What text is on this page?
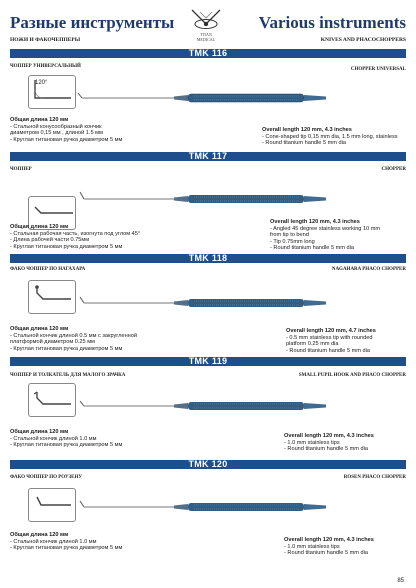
Разные инструменты
TITAN
MEDICAL
Various instruments
НОЖИ И ФАКОЧЕППЕРЫ	KNIVES AND PHACOCHOPPERS
TMK 116
ЧОППЕР УНИВЕРСАЛЬНЫЙ
CHOPPER UNIVERSAL
120°
Общая длина 120 мм
- Стальной конусообразный кончик
диаметром 0,15 мм , длиной 1.5 мм
- Круглая титановая ручка диаметром 5 мм
Overall length 120 mm, 4.3 inches
- Cone-shaped tip 0,15 mm dia, 1.5 mm long, stainless
- Round titanium handle 5 mm dia
TMK 117
ЧОППЕР	CHOPPER
Общая длина 120 мм
- Стальная рабочая часть, изогнута под углом 45°
- Длина рабочей части 0.75мм
- Круглая титановая ручка диаметром 5 мм
Overall length 120 mm, 4.3 inches
- Angled 45 degree stainless working 10 mm
from tip to bend
- Tip 0.75mm long
- Round titanium handle 5 mm dia
TMK 118
ФАКО ЧОППЕР ПО НАГАХАРА	NAGAHARA PHACO CHOPPER
Общая длина 120 мм
- Стальной кончик длиной 0.5 мм с закругленной
платформой диаметром 0.25 мм
- Круглая титановая ручка диаметром 5 мм
Overall length 120 mm, 4.7 inches
- 0.5 mm stainless tip with rounded
platform 0.25 mm dia
- Round titanium handle 5 mm dia
TMK 119
ЧОППЕР И ТОЛКАТЕЛЬ ДЛЯ МАЛОГО ЗРАЧКА	SMALL PUPIL HOOK AND PHACO CHOPPER
Общая длина 120 мм
- Стальной кончик длиной 1.0 мм
- Круглая титановая ручка диаметром 5 мм
Overall length 120 mm, 4.3 inches
- 1.0 mm stainless tips
- Round titanium handle 5 mm dia
TMK 120
ФАКО ЧОППЕР ПО РОУЗЕНУ	ROSEN PHACO CHOPPER
Общая длина 120 мм
- Стальной кончик длиной 1.0 мм
- Круглая титановая ручка диаметром 5 мм
Overall length 120 mm, 4.3 inches
- 1.0 mm stainless tips
- Round titanium handle 5 mm dia
85
